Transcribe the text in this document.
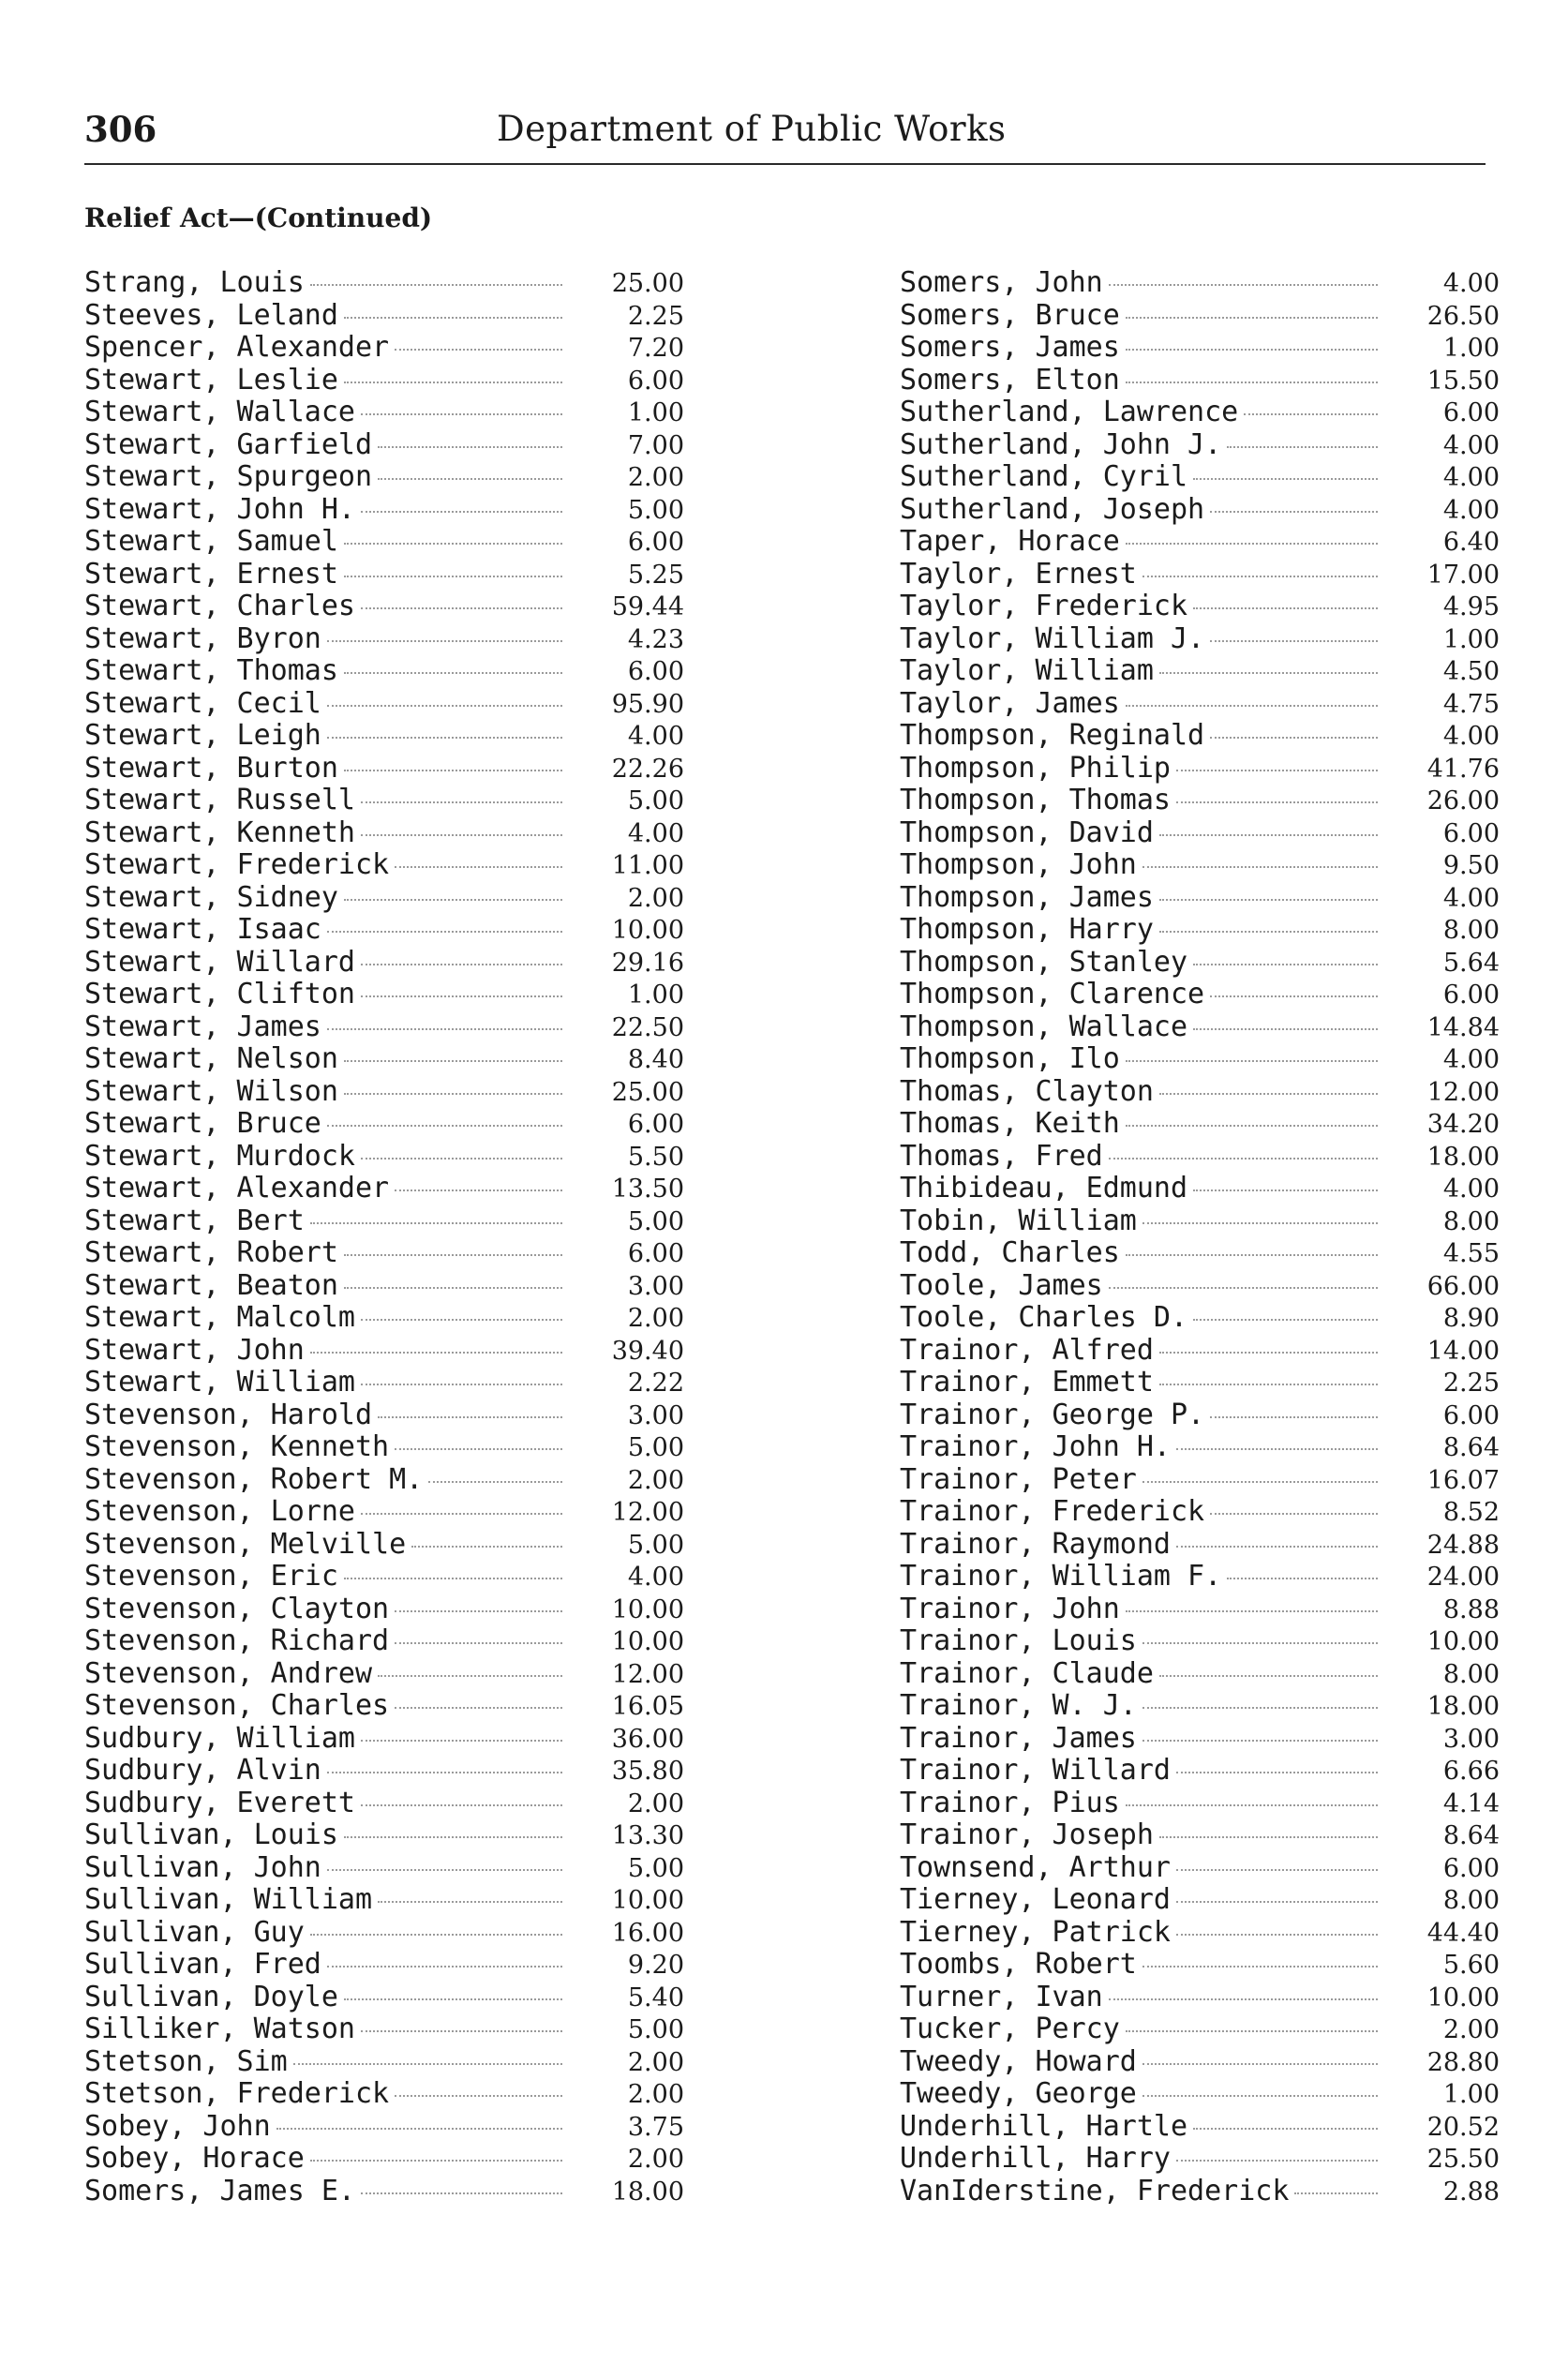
306	Department of Public Works
Relief Act—(Continued)
Strang, Louis	25.00
Steeves, Leland	2.25
Spencer, Alexander	7.20
Stewart, Leslie	6.00
Stewart, Wallace	1.00
Stewart, Garfield	7.00
Stewart, Spurgeon	2.00
Stewart, John H.	5.00
Stewart, Samuel	6.00
Stewart, Ernest	5.25
Stewart, Charles	59.44
Stewart, Byron	4.23
Stewart, Thomas	6.00
Stewart, Cecil	95.90
Stewart, Leigh	4.00
Stewart, Burton	22.26
Stewart, Russell	5.00
Stewart, Kenneth	4.00
Stewart, Frederick	11.00
Stewart, Sidney	2.00
Stewart, Isaac	10.00
Stewart, Willard	29.16
Stewart, Clifton	1.00
Stewart, James	22.50
Stewart, Nelson	8.40
Stewart, Wilson	25.00
Stewart, Bruce	6.00
Stewart, Murdock	5.50
Stewart, Alexander	13.50
Stewart, Bert	5.00
Stewart, Robert	6.00
Stewart, Beaton	3.00
Stewart, Malcolm	2.00
Stewart, John	39.40
Stewart, William	2.22
Stevenson, Harold	3.00
Stevenson, Kenneth	5.00
Stevenson, Robert M.	2.00
Stevenson, Lorne	12.00
Stevenson, Melville	5.00
Stevenson, Eric	4.00
Stevenson, Clayton	10.00
Stevenson, Richard	10.00
Stevenson, Andrew	12.00
Stevenson, Charles	16.05
Sudbury, William	36.00
Sudbury, Alvin	35.80
Sudbury, Everett	2.00
Sullivan, Louis	13.30
Sullivan, John	5.00
Sullivan, William	10.00
Sullivan, Guy	16.00
Sullivan, Fred	9.20
Sullivan, Doyle	5.40
Silliker, Watson	5.00
Stetson, Sim	2.00
Stetson, Frederick	2.00
Sobey, John	3.75
Sobey, Horace	2.00
Somers, James E.	18.00
Somers, John	4.00
Somers, Bruce	26.50
Somers, James	1.00
Somers, Elton	15.50
Sutherland, Lawrence	6.00
Sutherland, John J.	4.00
Sutherland, Cyril	4.00
Sutherland, Joseph	4.00
Taper, Horace	6.40
Taylor, Ernest	17.00
Taylor, Frederick	4.95
Taylor, William J.	1.00
Taylor, William	4.50
Taylor, James	4.75
Thompson, Reginald	4.00
Thompson, Philip	41.76
Thompson, Thomas	26.00
Thompson, David	6.00
Thompson, John	9.50
Thompson, James	4.00
Thompson, Harry	8.00
Thompson, Stanley	5.64
Thompson, Clarence	6.00
Thompson, Wallace	14.84
Thompson, Ilo	4.00
Thomas, Clayton	12.00
Thomas, Keith	34.20
Thomas, Fred	18.00
Thibideau, Edmund	4.00
Tobin, William	8.00
Todd, Charles	4.55
Toole, James	66.00
Toole, Charles D.	8.90
Trainor, Alfred	14.00
Trainor, Emmett	2.25
Trainor, George P.	6.00
Trainor, John H.	8.64
Trainor, Peter	16.07
Trainor, Frederick	8.52
Trainor, Raymond	24.88
Trainor, William F.	24.00
Trainor, John	8.88
Trainor, Louis	10.00
Trainor, Claude	8.00
Trainor, W. J.	18.00
Trainor, James	3.00
Trainor, Willard	6.66
Trainor, Pius	4.14
Trainor, Joseph	8.64
Townsend, Arthur	6.00
Tierney, Leonard	8.00
Tierney, Patrick	44.40
Toombs, Robert	5.60
Turner, Ivan	10.00
Tucker, Percy	2.00
Tweedy, Howard	28.80
Tweedy, George	1.00
Underhill, Hartle	20.52
Underhill, Harry	25.50
VanIderstine, Frederick	2.88
